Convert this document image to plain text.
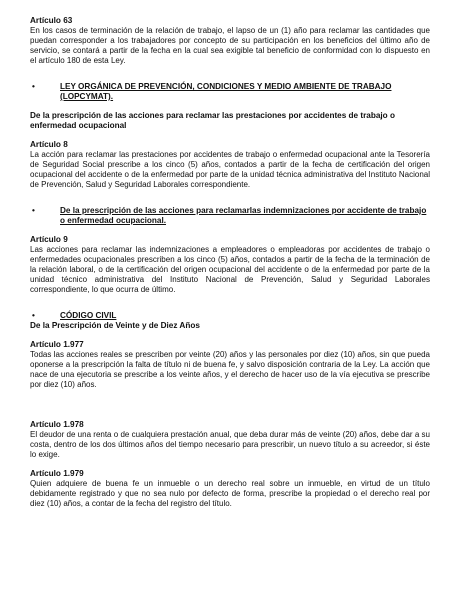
Artículo 63

En los casos de terminación de la relación de trabajo, el lapso de un (1) año para reclamar las cantidades que puedan corresponder a los trabajadores por concepto de su participación en los beneficios del último año de servicio, se contará a partir de la fecha en la cual sea exigible tal beneficio de conformidad con lo dispuesto en el artículo 180 de esta Ley.

•	LEY ORGÁNICA DE PREVENCIÓN, CONDICIONES Y MEDIO AMBIENTE DE TRABAJO (LOPCYMAT).
De la prescripción de las acciones para reclamar las prestaciones por accidentes de trabajo o enfermedad ocupacional
Artículo 8

La acción para reclamar las prestaciones por accidentes de trabajo o enfermedad ocupacional ante la Tesorería de Seguridad Social prescribe a los cinco (5) años, contados a partir de la fecha de certificación del origen ocupacional del accidente o de la enfermedad por parte de la unidad técnica administrativa del Instituto Nacional de Prevención, Salud y Seguridad Laborales correspondiente.

•	De la prescripción de las acciones para reclamarlas indemnizaciones por accidente de trabajo o enfermedad ocupacional.
Artículo 9

Las acciones para reclamar las indemnizaciones a empleadores o empleadoras por accidentes de trabajo o enfermedades ocupacionales prescriben a los cinco (5) años, contados a partir de la fecha de la terminación de la relación laboral, o de la certificación del origen ocupacional del accidente o de la enfermedad por parte de la unidad técnico administrativa del Instituto Nacional de Prevención, Salud y Seguridad Laborales correspondiente, lo que ocurra de último.

•	CÓDIGO CIVIL
De la Prescripción de Veinte y de Diez Años
Artículo 1.977

Todas las acciones reales se prescriben por veinte (20) años y las personales por diez (10) años, sin que pueda oponerse a la prescripción la falta de título ni de buena fe, y salvo disposición contraria de la Ley. La acción que nace de una ejecutoria se prescribe a los veinte años, y el derecho de hacer uso de la vía ejecutiva se prescribe por diez (10) años.

Artículo 1.978

El deudor de una renta o de cualquiera prestación anual, que deba durar más de veinte (20) años, debe dar a su costa, dentro de los dos últimos años del tiempo necesario para prescribir, un nuevo título a su acreedor, si éste lo exige.

Artículo 1.979

Quien adquiere de buena fe un inmueble o un derecho real sobre un inmueble, en virtud de un título debidamente registrado y que no sea nulo por defecto de forma, prescribe la propiedad o el derecho real por diez (10) años, a contar de la fecha del registro del título.
